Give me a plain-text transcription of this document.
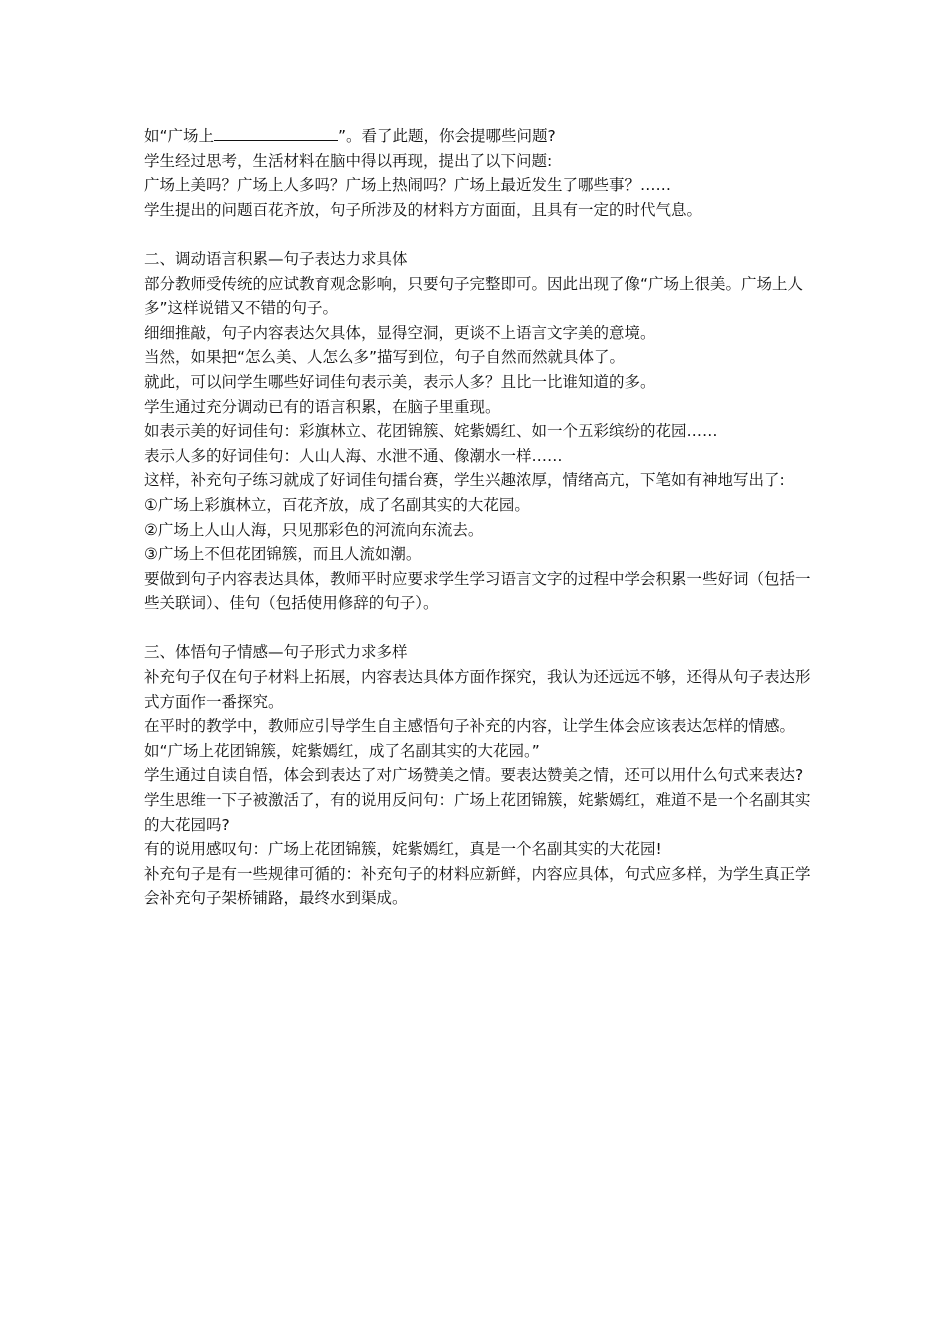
如“广场上	”。看了此题，你会提哪些问题?

学生经过思考，生活材料在脑中得以再现，提出了以下问题:

广场上美吗？广场上人多吗？广场上热闹吗？广场上最近发生了哪些事？……

学生提出的问题百花齐放，句子所涉及的材料方方面面，且具有一定的时代气息。

二、调动语言积累—句子表达力求具体

部分教师受传统的应试教育观念影响，只要句子完整即可。因此出现了像“广场上很美。广场上人多”这样说错又不错的句子。

细细推敲，句子内容表达欠具体，显得空洞，更谈不上语言文字美的意境。

当然，如果把“怎么美、人怎么多”描写到位，句子自然而然就具体了。

就此，可以问学生哪些好词佳句表示美，表示人多？且比一比谁知道的多。

学生通过充分调动已有的语言积累，在脑子里重现。

如表示美的好词佳句：彩旗林立、花团锦簇、姹紫嫣红、如一个五彩缤纷的花园……

表示人多的好词佳句：人山人海、水泄不通、像潮水一样……

这样，补充句子练习就成了好词佳句擂台赛，学生兴趣浓厚，情绪高亢，下笔如有神地写出了:

①广场上彩旗林立，百花齐放，成了名副其实的大花园。

②广场上人山人海，只见那彩色的河流向东流去。

③广场上不但花团锦簇，而且人流如潮。

要做到句子内容表达具体，教师平时应要求学生学习语言文字的过程中学会积累一些好词（包括一些关联词）、佳句（包括使用修辞的句子）。

三、体悟句子情感—句子形式力求多样

补充句子仅在句子材料上拓展，内容表达具体方面作探究，我认为还远远不够，还得从句子表达形式方面作一番探究。

在平时的教学中，教师应引导学生自主感悟句子补充的内容，让学生体会应该表达怎样的情感。

如“广场上花团锦簇，姹紫嫣红，成了名副其实的大花园。”

学生通过自读自悟，体会到表达了对广场赞美之情。要表达赞美之情，还可以用什么句式来表达?

学生思维一下子被激活了，有的说用反问句：广场上花团锦簇，姹紫嫣红，难道不是一个名副其实的大花园吗?

有的说用感叹句：广场上花团锦簇，姹紫嫣红，真是一个名副其实的大花园!

补充句子是有一些规律可循的：补充句子的材料应新鲜，内容应具体，句式应多样，为学生真正学会补充句子架桥铺路，最终水到渠成。
